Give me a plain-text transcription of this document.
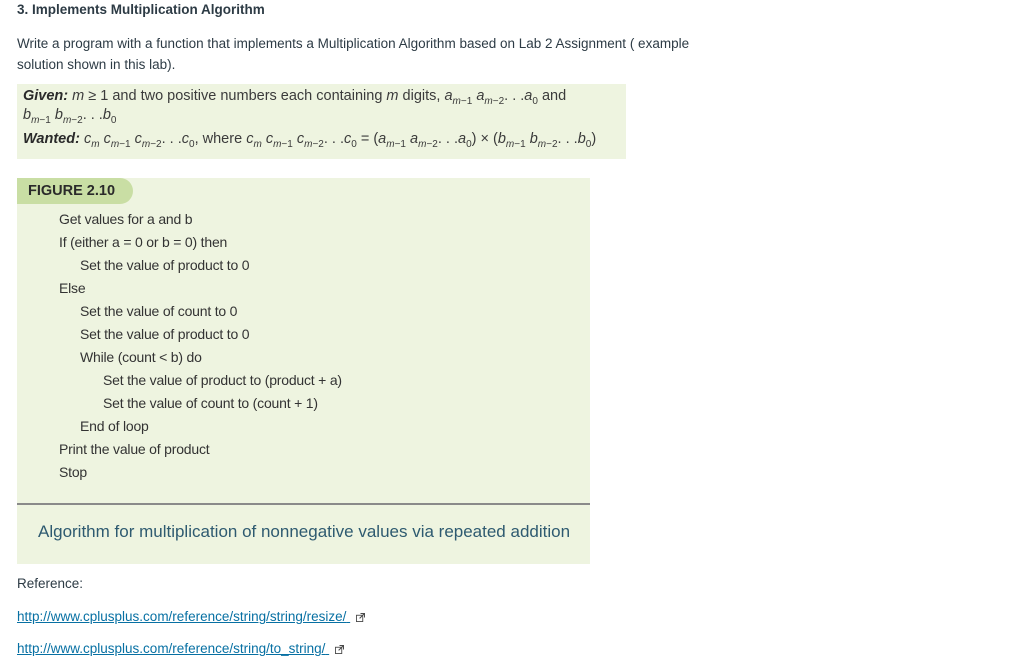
3. Implements Multiplication Algorithm
Write a program with a function that implements a Multiplication Algorithm based on Lab 2 Assignment ( example solution shown in this lab).
Given: m ≥ 1 and two positive numbers each containing m digits, $a_{m-1}$ $a_{m-2}$. . $.a_0$ and
$b_{m-1}$ $b_{m-2}$. . $.b_0$
Wanted: $c_m$ $c_{m-1}$ $c_{m-2}$. . $.c_0$, where $c_m$ $c_{m-1}$ $c_{m-2}$. . $.c_0 = (a_{m-1}$ $a_{m-2}$. . $.a_0) \times (b_{m-1}$ $b_{m-2}$. . $.b_0$)
FIGURE 2.10
Get values for a and b
If (either a = 0 or b = 0) then
Set the value of product to 0
Else
Set the value of count to 0
Set the value of product to 0
While (count < b) do
Set the value of product to (product + a)
Set the value of count to (count + 1)
End of loop
Print the value of product
Stop
Algorithm for multiplication of nonnegative values via repeated addition
Reference:
http://www.cplusplus.com/reference/string/string/resize/
http://www.cplusplus.com/reference/string/to_string/
